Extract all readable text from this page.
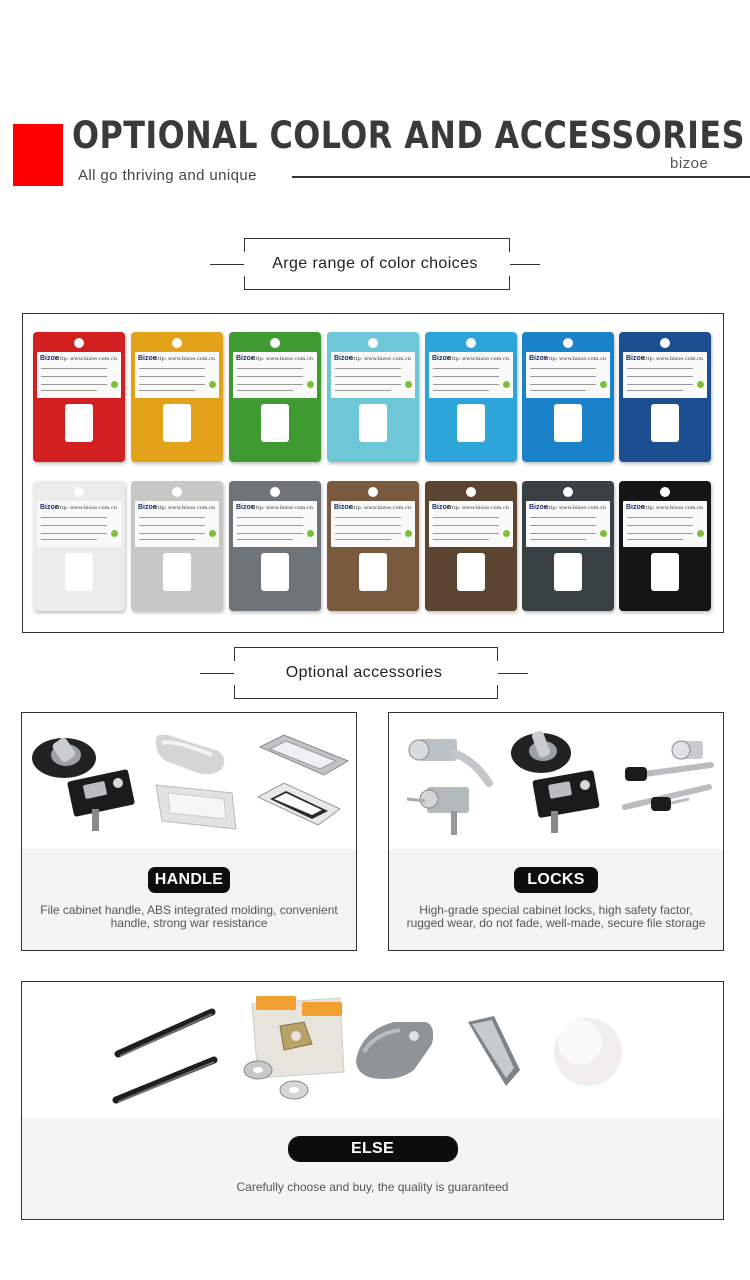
OPTIONAL COLOR AND ACCESSORIES
All go thriving and unique
bizoe
Arge range of color choices
Bizoe
Http: www.bizoe.com.cn	Bizoe
Http: www.bizoe.com.cn	Bizoe
Http: www.bizoe.com.cn	Bizoe
Http: www.bizoe.com.cn	Bizoe
Http: www.bizoe.com.cn	Bizoe
Http: www.bizoe.com.cn	Bizoe
Http: www.bizoe.com.cn
Bizoe
Http: www.bizoe.com.cn	Bizoe
Http: www.bizoe.com.cn	Bizoe
Http: www.bizoe.com.cn	Bizoe
Http: www.bizoe.com.cn	Bizoe
Http: www.bizoe.com.cn	Bizoe
Http: www.bizoe.com.cn	Bizoe
Http: www.bizoe.com.cn
Optional accessories
HANDLE
File cabinet handle, ABS integrated molding, convenient handle, strong war resistance
LOCKS
High-grade special cabinet locks, high safety factor, rugged wear, do not fade, well-made, secure file storage
ELSE
Carefully choose and buy, the quality is guaranteed
